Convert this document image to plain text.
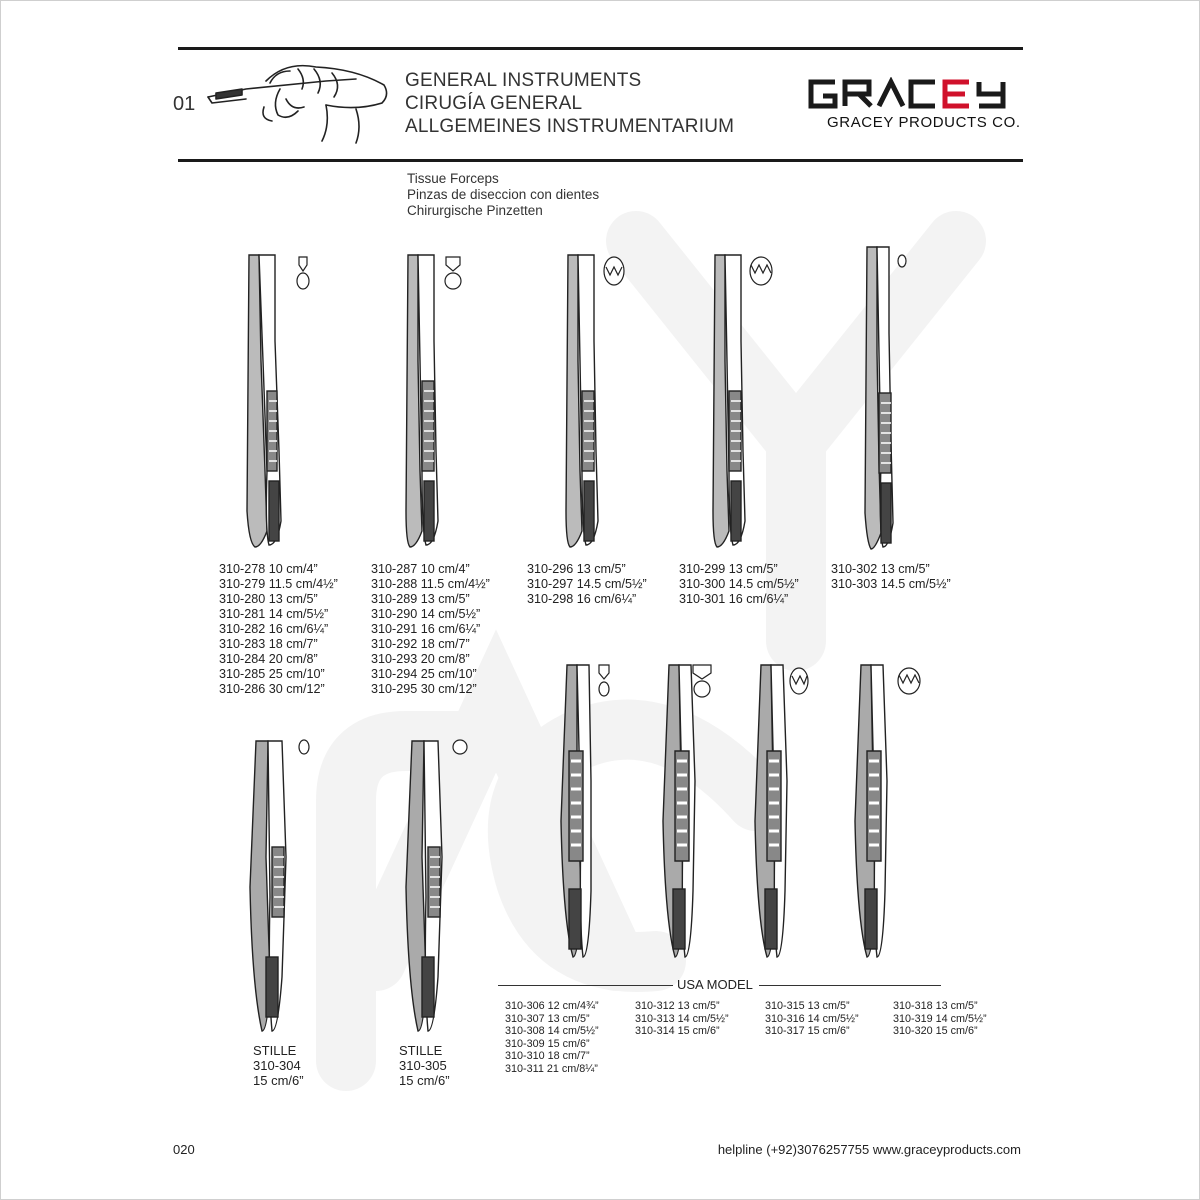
01
GENERAL INSTRUMENTS
CIRUGÍA GENERAL
ALLGEMEINES INSTRUMENTARIUM	GRACEY PRODUCTS CO.
Tissue Forceps
Pinzas de diseccion con dientes
Chirurgische Pinzetten
310-278 10 cm/4”
310-279 11.5 cm/4½”
310-280 13 cm/5”
310-281 14 cm/5½”
310-282 16 cm/6¼”
310-283 18 cm/7”
310-284 20 cm/8”
310-285 25 cm/10”
310-286 30 cm/12”
310-287 10 cm/4”
310-288 11.5 cm/4½”
310-289 13 cm/5”
310-290 14 cm/5½”
310-291 16 cm/6¼”
310-292 18 cm/7”
310-293 20 cm/8”
310-294 25 cm/10”
310-295 30 cm/12”
310-296 13 cm/5”
310-297 14.5 cm/5½”
310-298 16 cm/6¼”
310-299 13 cm/5”
310-300 14.5 cm/5½”
310-301 16 cm/6¼”
310-302 13 cm/5”
310-303 14.5 cm/5½”
STILLE
310-304
15 cm/6”
STILLE
310-305
15 cm/6”
USA MODEL
310-306 12 cm/4¾”
310-307 13 cm/5”
310-308 14 cm/5½”
310-309 15 cm/6”
310-310 18 cm/7”
310-311 21 cm/8¼”
310-312 13 cm/5”
310-313 14 cm/5½”
310-314 15 cm/6”
310-315 13 cm/5”
310-316 14 cm/5½”
310-317 15 cm/6”
310-318 13 cm/5”
310-319 14 cm/5½”
310-320 15 cm/6”
020	helpline (+92)3076257755 www.graceyproducts.com
